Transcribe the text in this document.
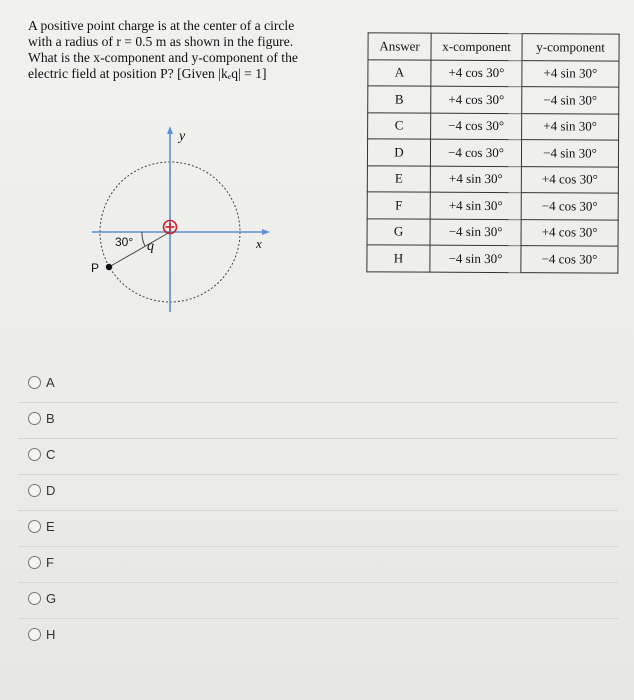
A positive point charge is at the center of a circle
with a radius of r = 0.5 m as shown in the figure.
What is the x-component and y-component of the
electric field at position P? [Given |kₑq| = 1]
y
x
30° q
P
Answer	x-component	y-component
A	+4 cos 30°	+4 sin 30°
B	+4 cos 30°	−4 sin 30°
C	−4 cos 30°	+4 sin 30°
D	−4 cos 30°	−4 sin 30°
E	+4 sin 30°	+4 cos 30°
F	+4 sin 30°	−4 cos 30°
G	−4 sin 30°	+4 cos 30°
H	−4 sin 30°	−4 cos 30°
A
B
C
D
E
F
G
H
